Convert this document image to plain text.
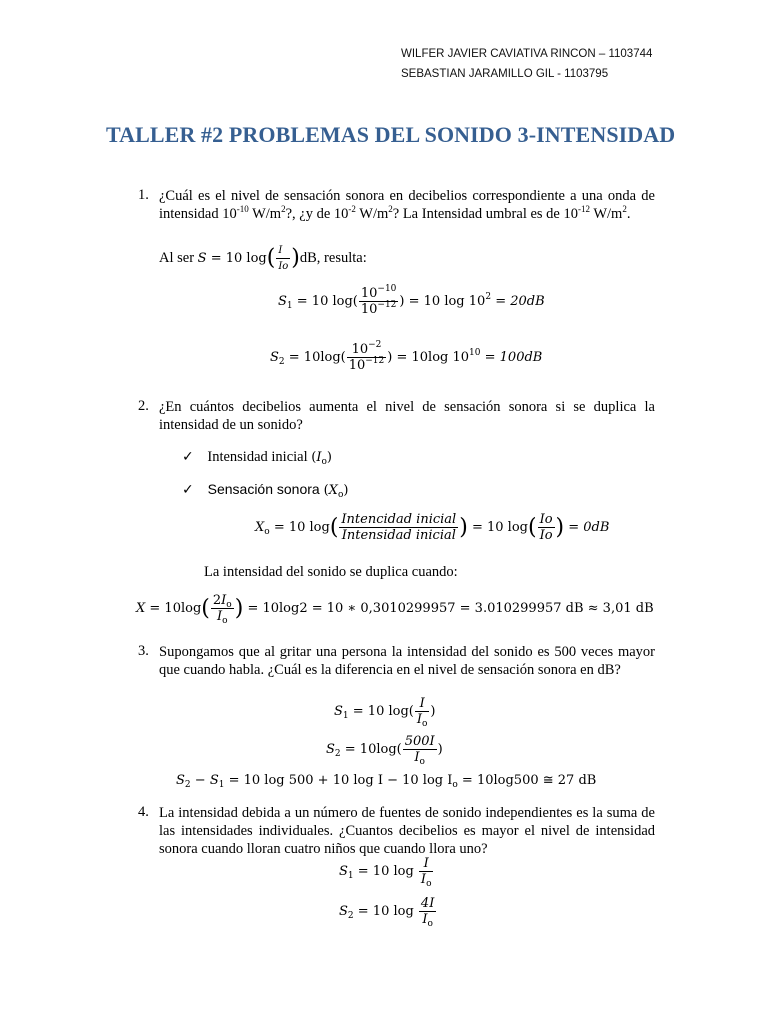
WILFER JAVIER CAVIATIVA RINCON – 1103744
SEBASTIAN JARAMILLO GIL - 1103795
TALLER #2 PROBLEMAS DEL SONIDO 3-INTENSIDAD
1. ¿Cuál es el nivel de sensación sonora en decibelios correspondiente a una onda de intensidad $10^{-10}$ $W/m^2$?, ¿y de $10^{-2}$ $W/m^2$? La Intensidad umbral es de $10^{-12}$ $W/m^2$.
Al ser S = 10 $\log( \frac{I}{Io} )dB$, resulta:
$S_1 = 10$ $\log( \frac{10^{-10}}{10^{-12}}$ ) = 10 $\log 10^2 = 20dB$
$S_2 = 10\log( \frac{10^{-2}}{10^{-12}}$ ) = 10log $10^{10} = 100dB$
2. ¿En cuántos decibelios aumenta el nivel de sensación sonora si se duplica la intensidad de un sonido?
✓ Intensidad inicial $(I_o)$
✓ Sensación sonora $(X_o)$
$X_o = 10$ $\log( \frac{\text{Intencidad inicial}}{\text{Intensidad inicial}}$ ) = 10 $\log( \frac{Io}{Io}$ ) = 0dB
La intensidad del sonido se duplica cuando:
$X = 10\log( \frac{2I_o}{I_o}$ ) = 10log2 = 10 ∗ 0,3010299957 = 3.010299957 dB ≈ 3,01 dB
3. Supongamos que al gritar una persona la intensidad del sonido es 500 veces mayor que cuando habla. ¿Cuál es la diferencia en el nivel de sensación sonora en dB?
$S_1 = 10$ $\log( \frac{I}{I_o}$ )
$S_2 = 10\log( \frac{500I}{I_o}$ )
$S_2 - S_1 = 10$ log 500 + 10 log I − 10 $\log I_o = 10\log 500$ ≅ 27 dB
4. La intensidad debida a un número de fuentes de sonido independientes es la suma de las intensidades individuales. ¿Cuantos decibelios es mayor el nivel de intensidad sonora cuando lloran cuatro niños que cuando llora uno?
$S_1 = 10$ $\log \frac{I}{I_o}$
$S_2 = 10$ $\log \frac{4I}{I_o}$
